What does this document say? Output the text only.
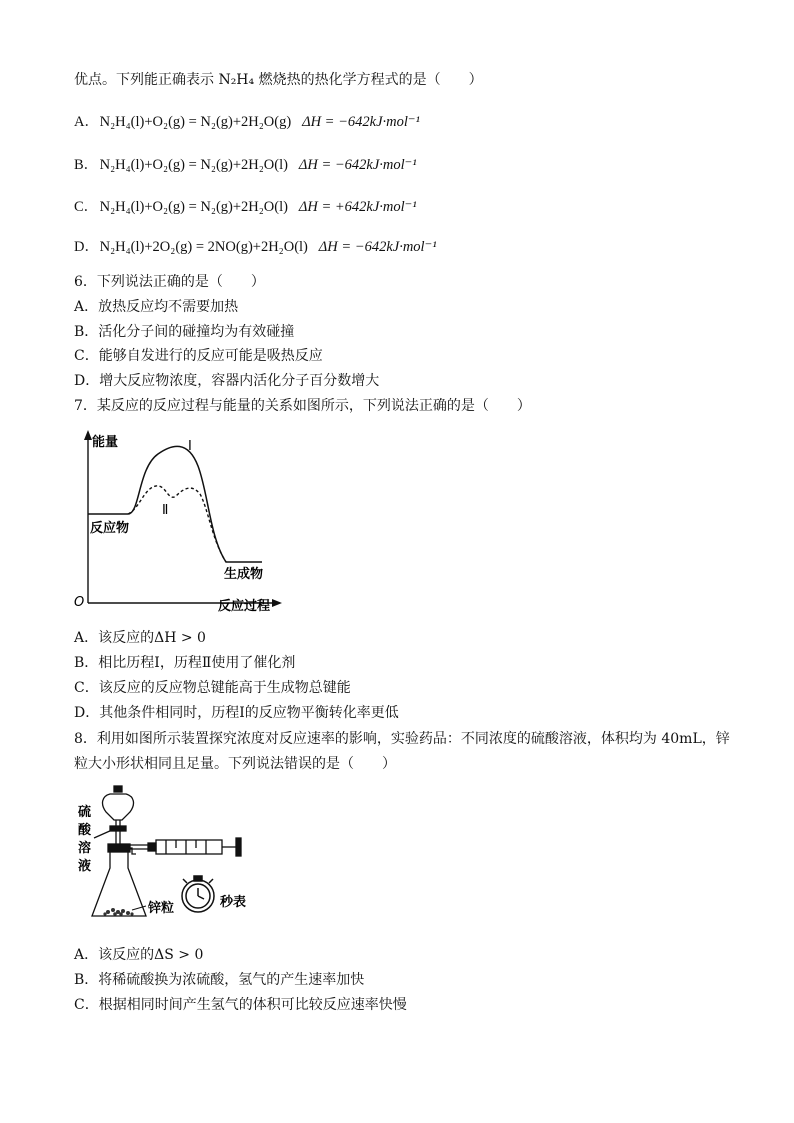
优点。下列能正确表示 N₂H₄ 燃烧热的热化学方程式的是（　　）
A． N₂H₄(l)+O₂(g) = N₂(g)+2H₂O(g) ΔH = −642kJ·mol⁻¹
B． N₂H₄(l)+O₂(g) = N₂(g)+2H₂O(l) ΔH = −642kJ·mol⁻¹
C． N₂H₄(l)+O₂(g) = N₂(g)+2H₂O(l) ΔH = +642kJ·mol⁻¹
D． N₂H₄(l)+2O₂(g) = 2NO(g)+2H₂O(l) ΔH = −642kJ·mol⁻¹
6．下列说法正确的是（　　）
A．放热反应均不需要加热
B．活化分子间的碰撞均为有效碰撞
C．能够自发进行的反应可能是吸热反应
D．增大反应物浓度，容器内活化分子百分数增大
7．某反应的反应过程与能量的关系如图所示，下列说法正确的是（　　）
能量	Ⅰ
Ⅱ
反应物
生成物
O	反应过程
A．该反应的ΔH > 0
B．相比历程Ⅰ，历程Ⅱ使用了催化剂
C．该反应的反应物总键能高于生成物总键能
D．其他条件相同时，历程Ⅰ的反应物平衡转化率更低
8．利用如图所示装置探究浓度对反应速率的影响，实验药品：不同浓度的硫酸溶液，体积均为 40mL，锌
粒大小形状相同且足量。下列说法错误的是（　　）
硫
酸
溶
液
锌粒	秒表
A．该反应的ΔS > 0
B．将稀硫酸换为浓硫酸，氢气的产生速率加快
C．根据相同时间产生氢气的体积可比较反应速率快慢
